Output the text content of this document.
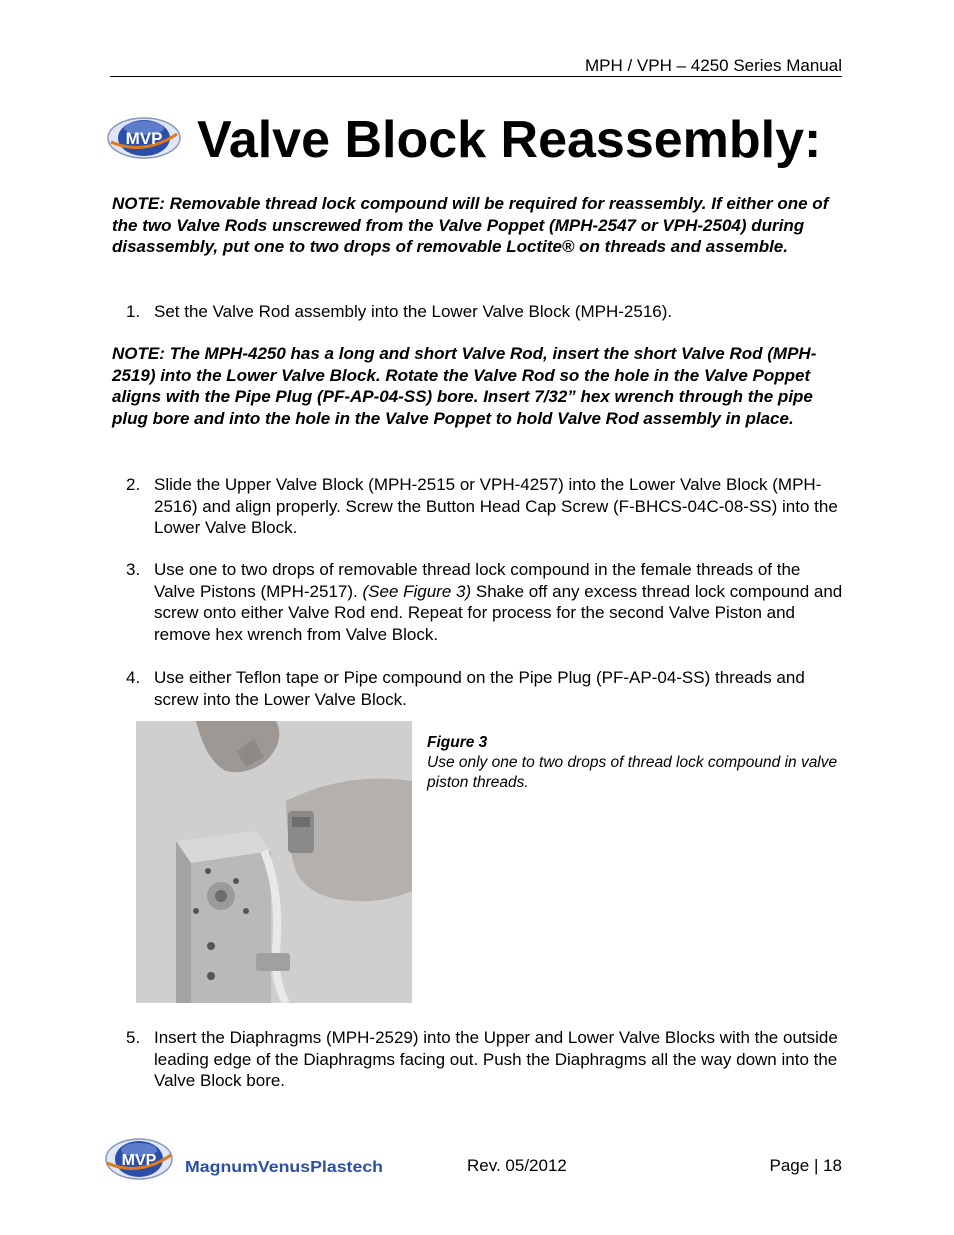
MPH / VPH – 4250 Series Manual
MVP Valve Block Reassembly:
NOTE: Removable thread lock compound will be required for reassembly. If either one of the two Valve Rods unscrewed from the Valve Poppet (MPH-2547 or VPH-2504) during disassembly, put one to two drops of removable Loctite® on threads and assemble.
1. Set the Valve Rod assembly into the Lower Valve Block (MPH-2516).
NOTE: The MPH-4250 has a long and short Valve Rod, insert the short Valve Rod (MPH-2519) into the Lower Valve Block. Rotate the Valve Rod so the hole in the Valve Poppet aligns with the Pipe Plug (PF-AP-04-SS) bore. Insert 7/32” hex wrench through the pipe plug bore and into the hole in the Valve Poppet to hold Valve Rod assembly in place.
2. Slide the Upper Valve Block (MPH-2515 or VPH-4257) into the Lower Valve Block (MPH-2516) and align properly. Screw the Button Head Cap Screw (F-BHCS-04C-08-SS) into the Lower Valve Block.
3. Use one to two drops of removable thread lock compound in the female threads of the Valve Pistons (MPH-2517). (See Figure 3) Shake off any excess thread lock compound and screw onto either Valve Rod end. Repeat for process for the second Valve Piston and remove hex wrench from Valve Block.
4. Use either Teflon tape or Pipe compound on the Pipe Plug (PF-AP-04-SS) threads and screw into the Lower Valve Block.
Figure 3
Use only one to two drops of thread lock compound in valve piston threads.
5. Insert the Diaphragms (MPH-2529) into the Upper and Lower Valve Blocks with the outside leading edge of the Diaphragms facing out. Push the Diaphragms all the way down into the Valve Block bore.
MVP MagnumVenusPlastech	Rev. 05/2012	Page | 18
